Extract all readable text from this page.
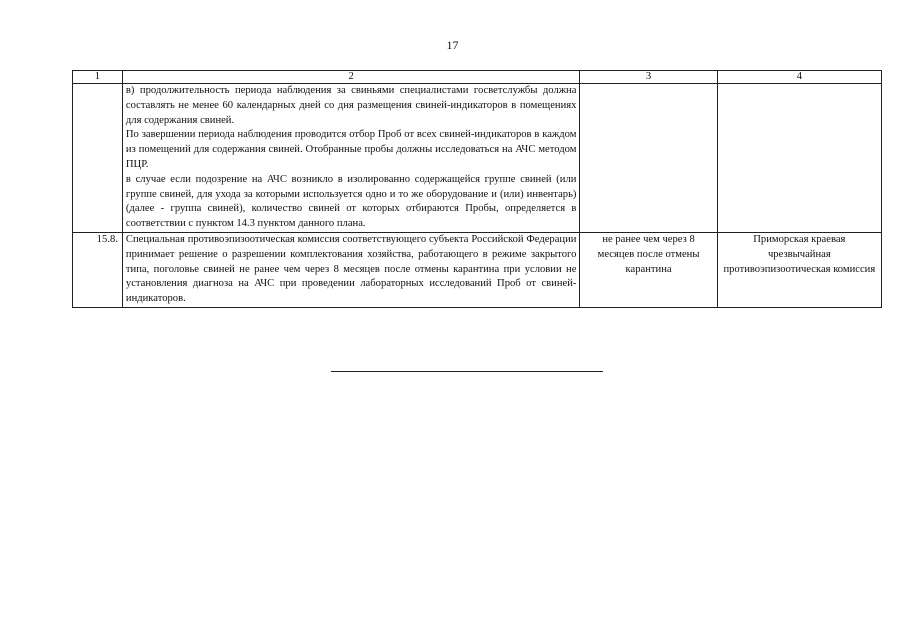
17
1	2	3	4

	в) продолжительность периода наблюдения за свиньями специалистами госветслужбы должна составлять не менее 60 календарных дней со дня размещения свиней-индикаторов в помещениях для содержания свиней.

По завершении периода наблюдения проводится отбор Проб от всех свиней-индикаторов в каждом из помещений для содержания свиней. Отобранные пробы должны исследоваться на АЧС методом ПЦР.

в случае если подозрение на АЧС возникло в изолированно содержащейся группе свиней (или группе свиней, для ухода за которыми используется одно и то же оборудование и (или) инвентарь) (далее - группа свиней), количество свиней от которых отбираются Пробы, определяется в соответствии с пунктом 14.3 пунктом данного плана.		

15.8.	Специальная противоэпизоотическая комиссия соответствующего субъекта Российской Федерации принимает решение о разрешении комплектования хозяйства, работающего в режиме закрытого типа, поголовье свиней не ранее чем через 8 месяцев после отмены карантина при условии не установления диагноза на АЧС при проведении лабораторных исследований Проб от свиней-индикаторов.	не ранее чем через 8 месяцев после отмены карантина	Приморская краевая чрезвычайная противоэпизоотическая комиссия
